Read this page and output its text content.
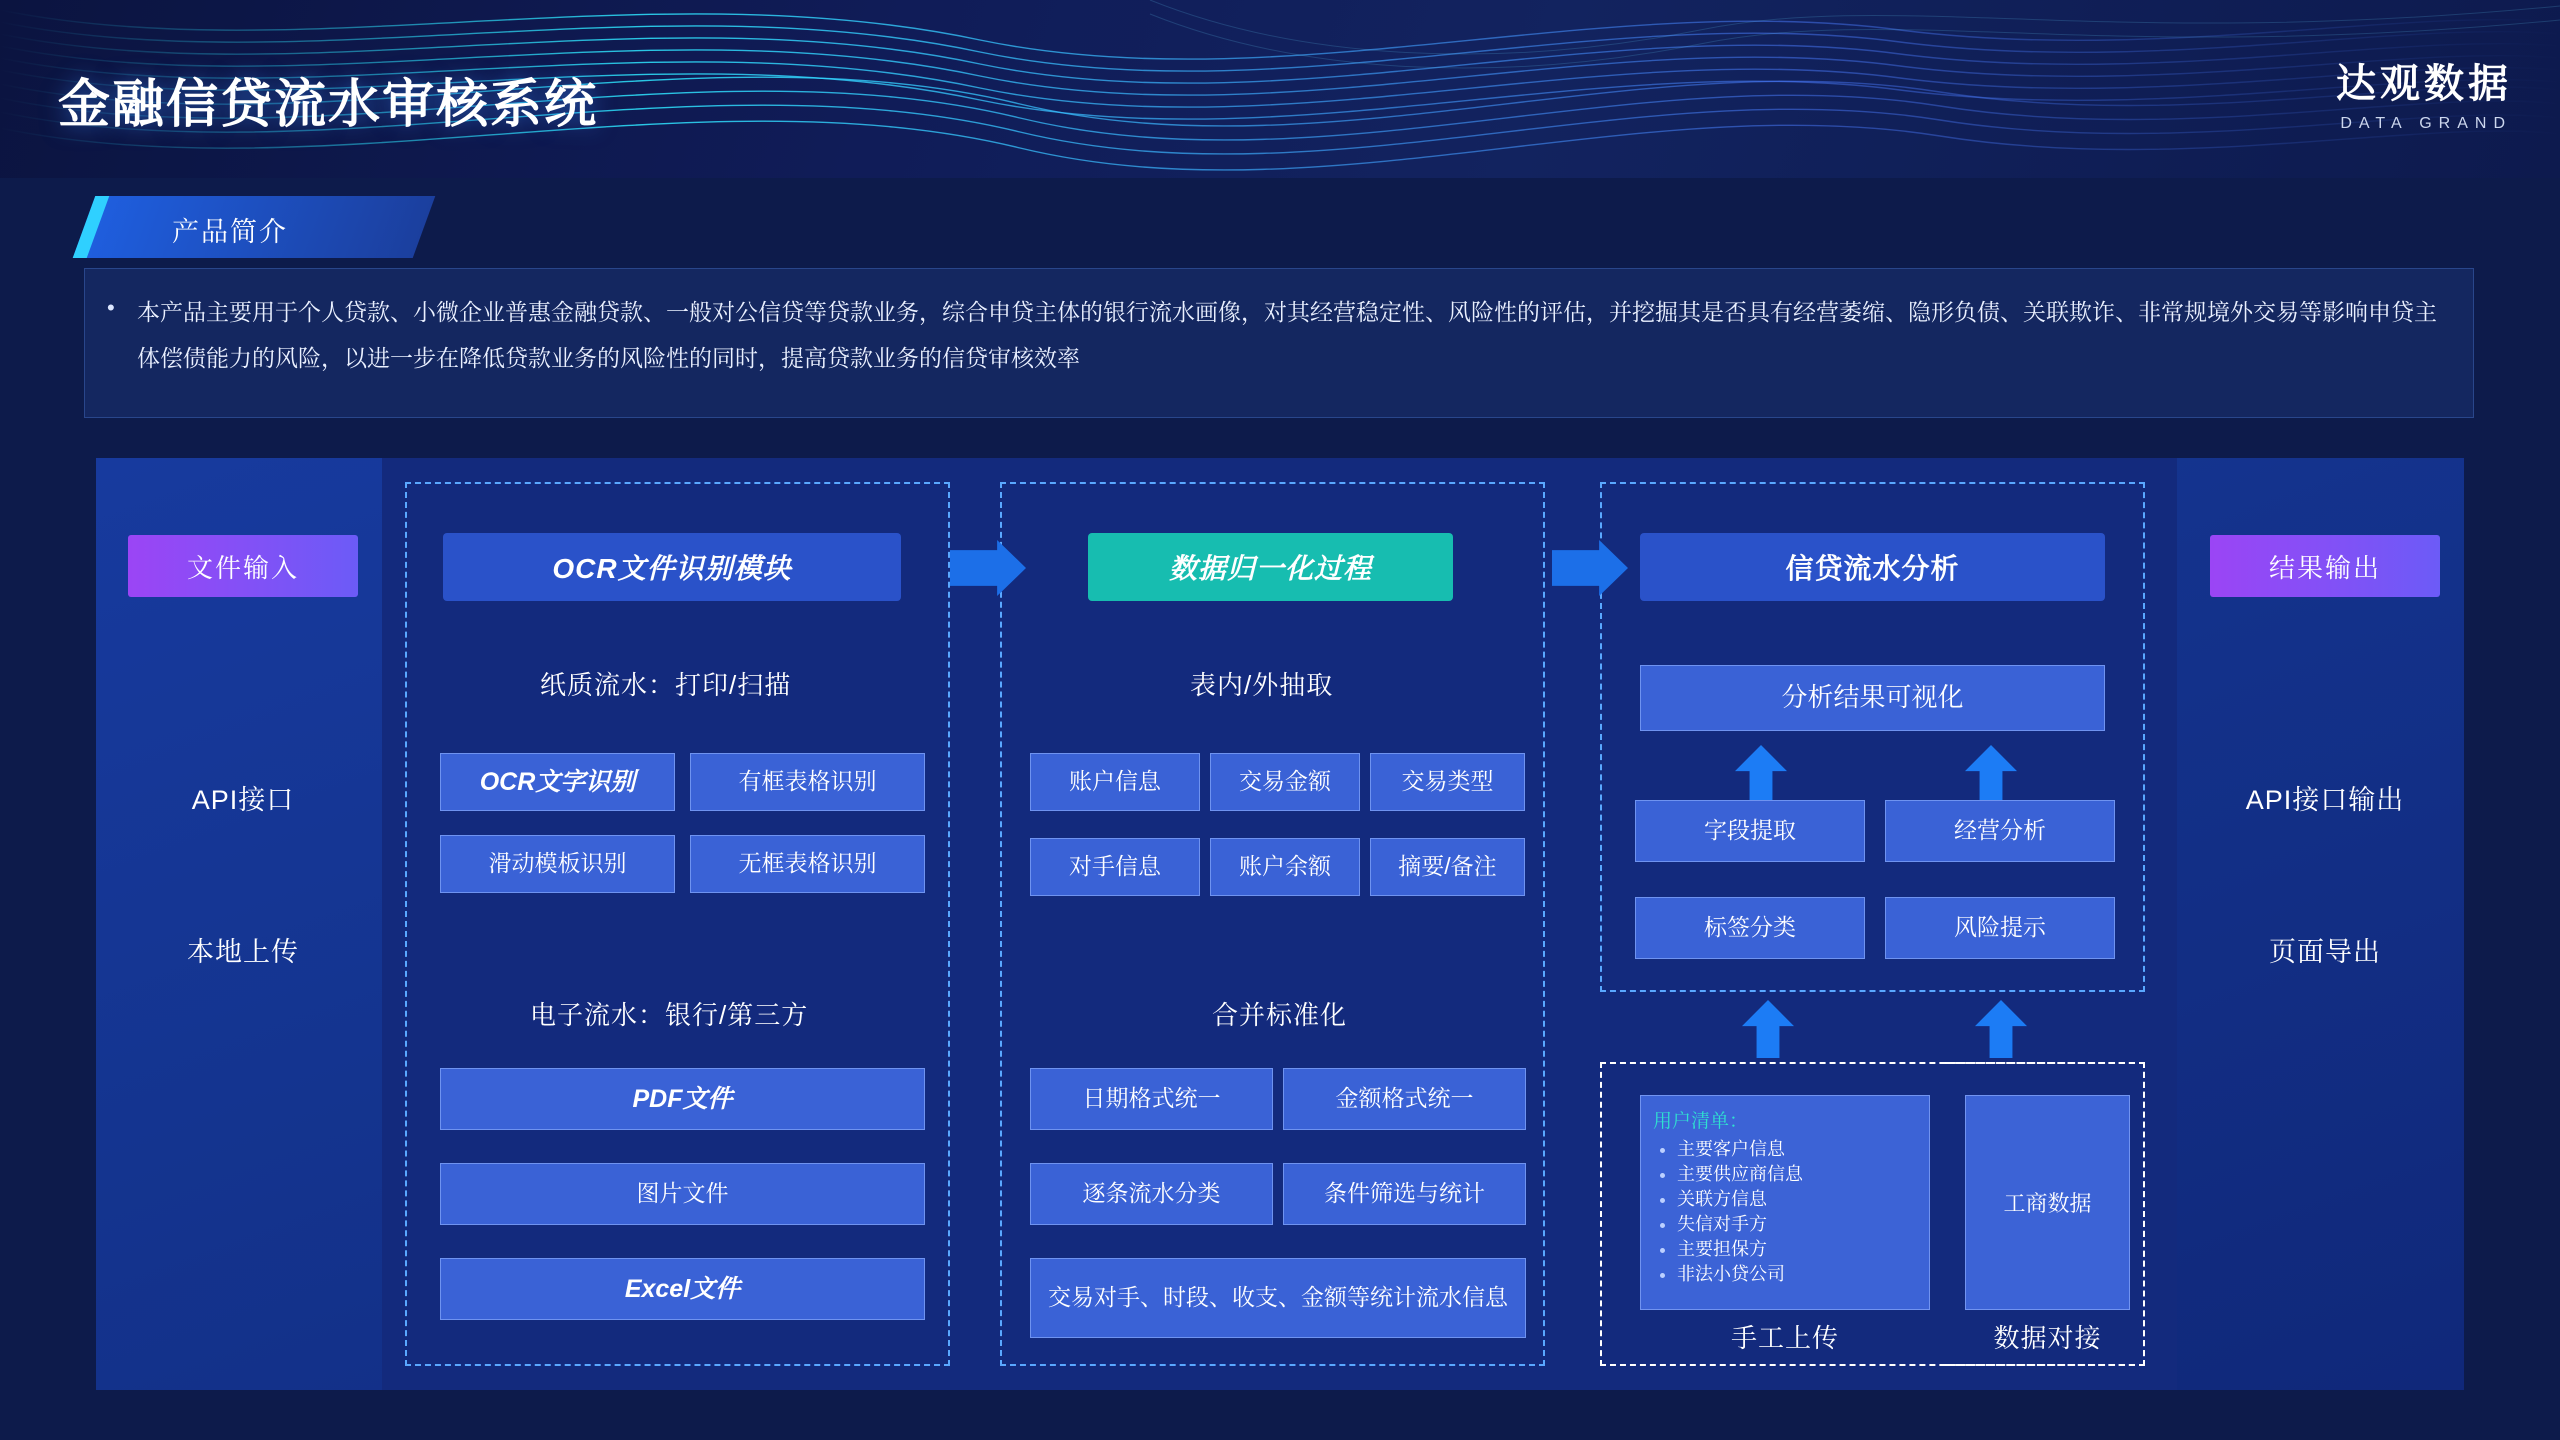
金融信贷流水审核系统	达观数据
DATA GRAND
产品简介
• 本产品主要用于个人贷款、小微企业普惠金融贷款、一般对公信贷等贷款业务，综合申贷主体的银行流水画像，对其经营稳定性、风险性的评估，并挖掘其是否具有经营萎缩、隐形负债、关联欺诈、非常规境外交易等影响申贷主体偿债能力的风险，以进一步在降低贷款业务的风险性的同时，提高贷款业务的信贷审核效率
文件输入
API接口
本地上传
结果输出
API接口输出
页面导出
OCR文件识别模块
纸质流水：打印/扫描
OCR文字识别	有框表格识别
滑动模板识别	无框表格识别
电子流水：银行/第三方
PDF文件
图片文件
Excel文件
数据归一化过程
表内/外抽取
账户信息	交易金额	交易类型
对手信息	账户余额	摘要/备注
合并标准化
日期格式统一	金额格式统一
逐条流水分类	条件筛选与统计
交易对手、时段、收支、金额等统计流水信息
信贷流水分析
分析结果可视化
字段提取	经营分析
标签分类	风险提示
用户清单：
• 主要客户信息
• 主要供应商信息
• 关联方信息
• 失信对手方
• 主要担保方
• 非法小贷公司
手工上传
工商数据
数据对接
